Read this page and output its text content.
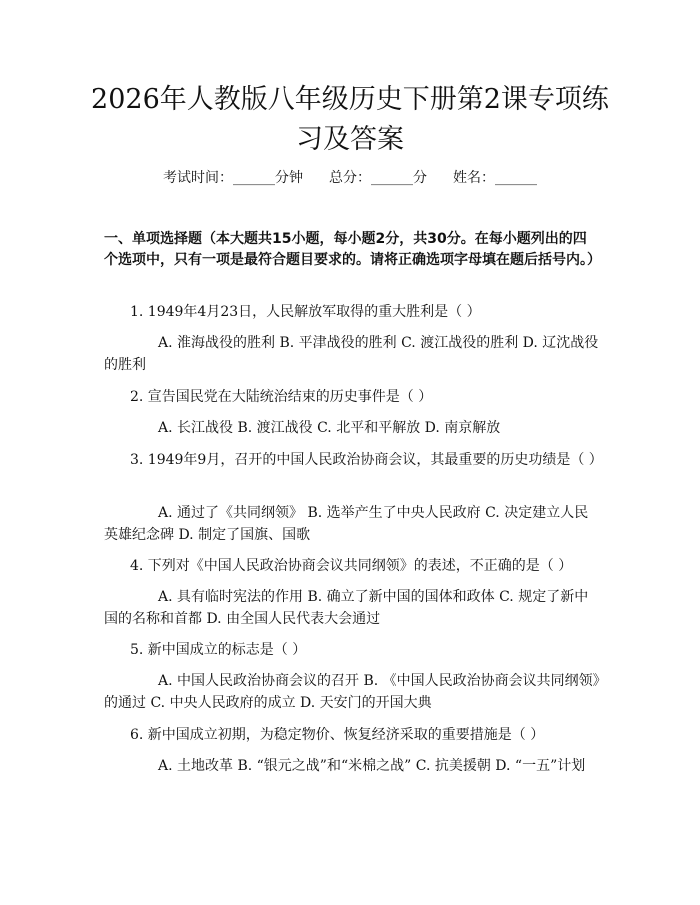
2026年人教版八年级历史下册第2课专项练习及答案
考试时间：______分钟 总分：______分 姓名：______

一、单项选择题（本大题共15小题，每小题2分，共30分。在每小题列出的四个选项中，只有一项是最符合题目要求的。请将正确选项字母填在题后括号内。）

1. 1949年4月23日，人民解放军取得的重大胜利是（ ）

A. 淮海战役的胜利 B. 平津战役的胜利 C. 渡江战役的胜利 D. 辽沈战役的胜利

2. 宣告国民党在大陆统治结束的历史事件是（ ）

A. 长江战役 B. 渡江战役 C. 北平和平解放 D. 南京解放

3. 1949年9月，召开的中国人民政治协商会议，其最重要的历史功绩是（ ）

A. 通过了《共同纲领》 B. 选举产生了中央人民政府 C. 决定建立人民英雄纪念碑 D. 制定了国旗、国歌

4. 下列对《中国人民政治协商会议共同纲领》的表述，不正确的是（ ）

A. 具有临时宪法的作用 B. 确立了新中国的国体和政体 C. 规定了新中国的名称和首都 D. 由全国人民代表大会通过

5. 新中国成立的标志是（ ）

A. 中国人民政治协商会议的召开 B. 《中国人民政治协商会议共同纲领》的通过 C. 中央人民政府的成立 D. 天安门的开国大典

6. 新中国成立初期，为稳定物价、恢复经济采取的重要措施是（ ）

A. 土地改革 B. “银元之战”和“米棉之战” C. 抗美援朝 D. “一五”计划
